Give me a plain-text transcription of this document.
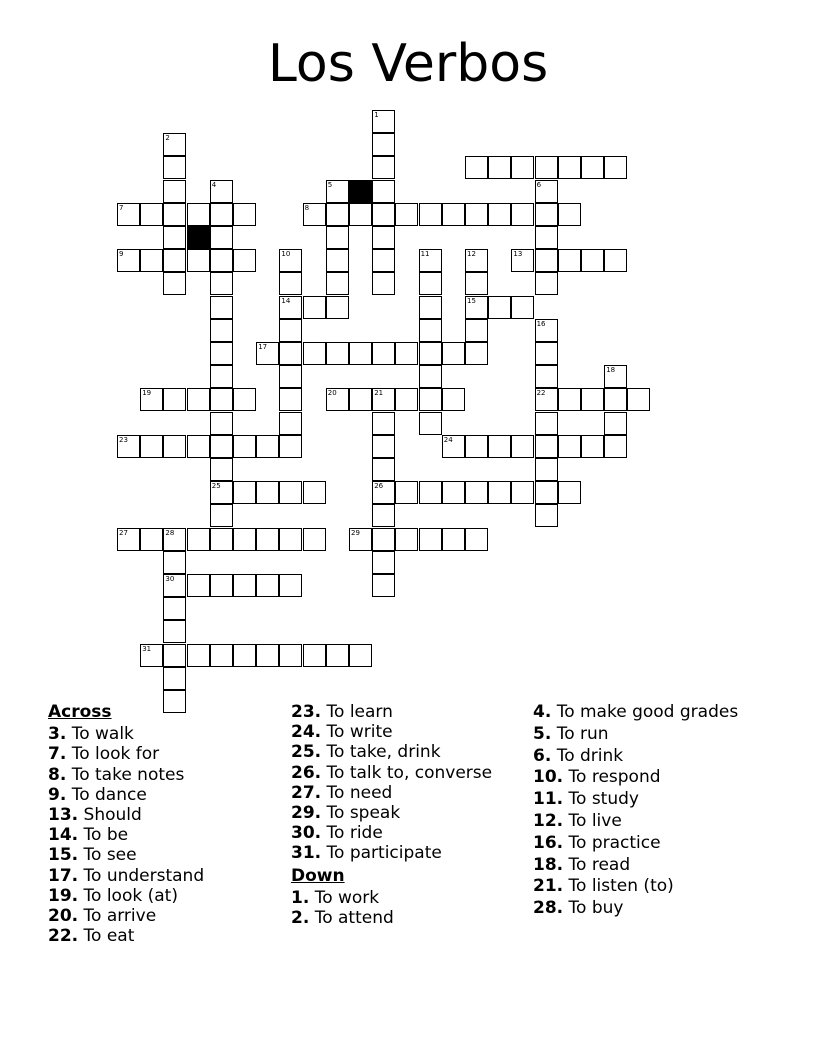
Los Verbos
7	8
9	13
14	15
17
19	20	21	22
23	24
25	26
27	28	29
30
31
1
2
4	5	6
10	11	12
16
18
Across
3. To walk
7. To look for
8. To take notes
9. To dance
13. Should
14. To be
15. To see
17. To understand
19. To look (at)
20. To arrive
22. To eat
23. To learn
24. To write
25. To take, drink
26. To talk to, converse
27. To need
29. To speak
30. To ride
31. To participate
Down
1. To work
2. To attend
4. To make good grades
5. To run
6. To drink
10. To respond
11. To study
12. To live
16. To practice
18. To read
21. To listen (to)
28. To buy
